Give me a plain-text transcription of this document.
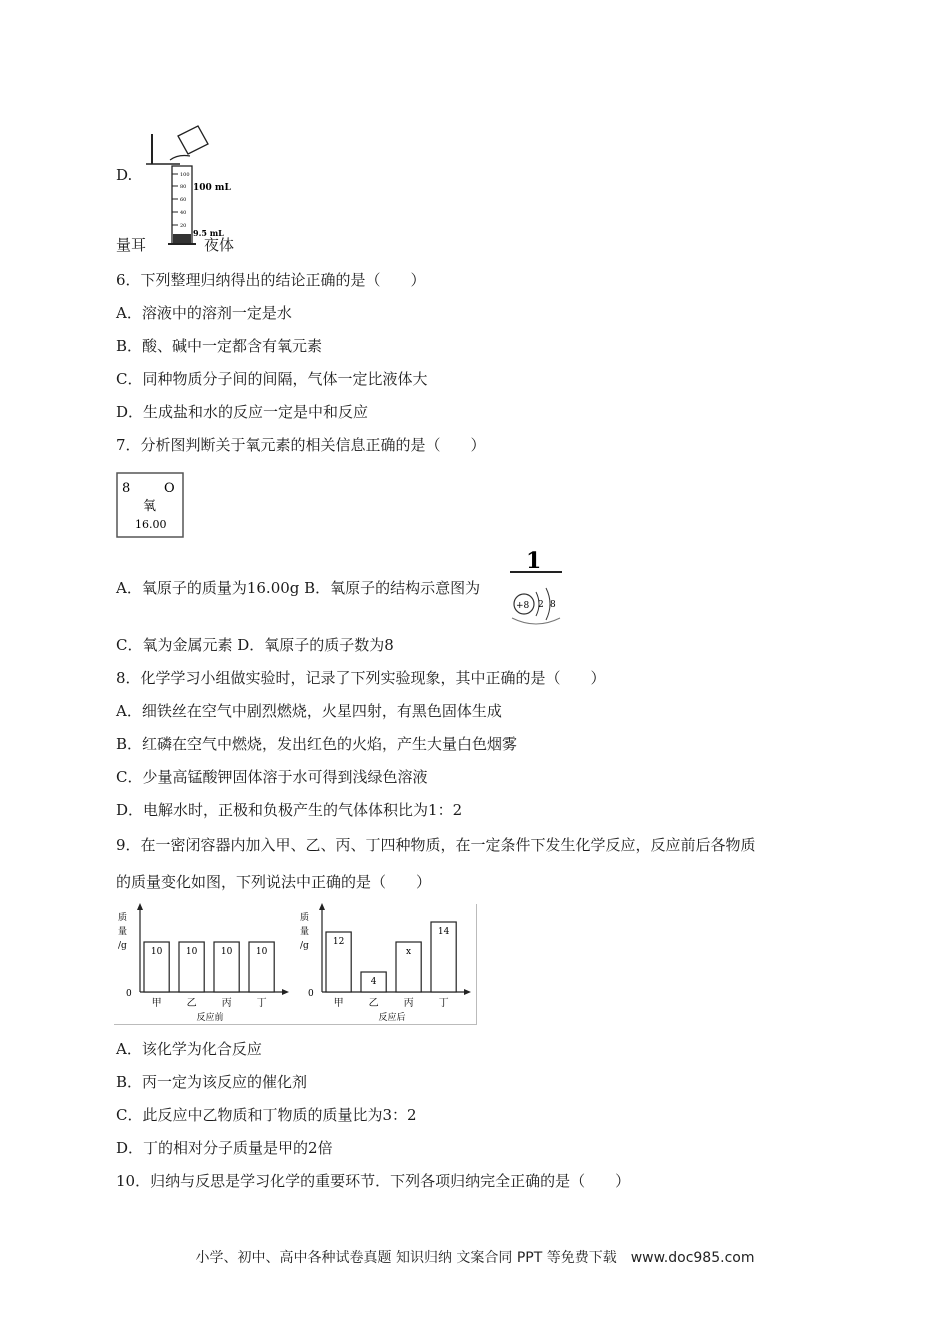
D.	100
80
60
40
20
100 mL
9.5 mL
量耳	夜体
6．下列整理归纳得出的结论正确的是（　　）
A．溶液中的溶剂一定是水
B．酸、碱中一定都含有氧元素
C．同种物质分子间的间隔，气体一定比液体大
D．生成盐和水的反应一定是中和反应
7．分析图判断关于氧元素的相关信息正确的是（　　）
8	O
氧
16.00
A．氧原子的质量为16.00g B．氧原子的结构示意图为
1
+8 2 8
C．氧为金属元素 D．氧原子的质子数为8
8．化学学习小组做实验时，记录了下列实验现象，其中正确的是（　　）
A．细铁丝在空气中剧烈燃烧，火星四射，有黑色固体生成
B．红磷在空气中燃烧，发出红色的火焰，产生大量白色烟雾
C．少量高锰酸钾固体溶于水可得到浅绿色溶液
D．电解水时，正极和负极产生的气体体积比为1：2
9．在一密闭容器内加入甲、乙、丙、丁四种物质，在一定条件下发生化学反应，反应前后各物质
的质量变化如图，下列说法中正确的是（　　）
质
量
/g
0
10
甲
10
乙
10
丙
10
丁
反应前
质
量
/g
0
12
甲
4
乙
x
丙
14
丁
反应后
A．该化学为化合反应
B．丙一定为该反应的催化剂
C．此反应中乙物质和丁物质的质量比为3：2
D．丁的相对分子质量是甲的2倍
10．归纳与反思是学习化学的重要环节．下列各项归纳完全正确的是（　　）
小学、初中、高中各种试卷真题 知识归纳 文案合同 PPT 等免费下载　www.doc985.com
